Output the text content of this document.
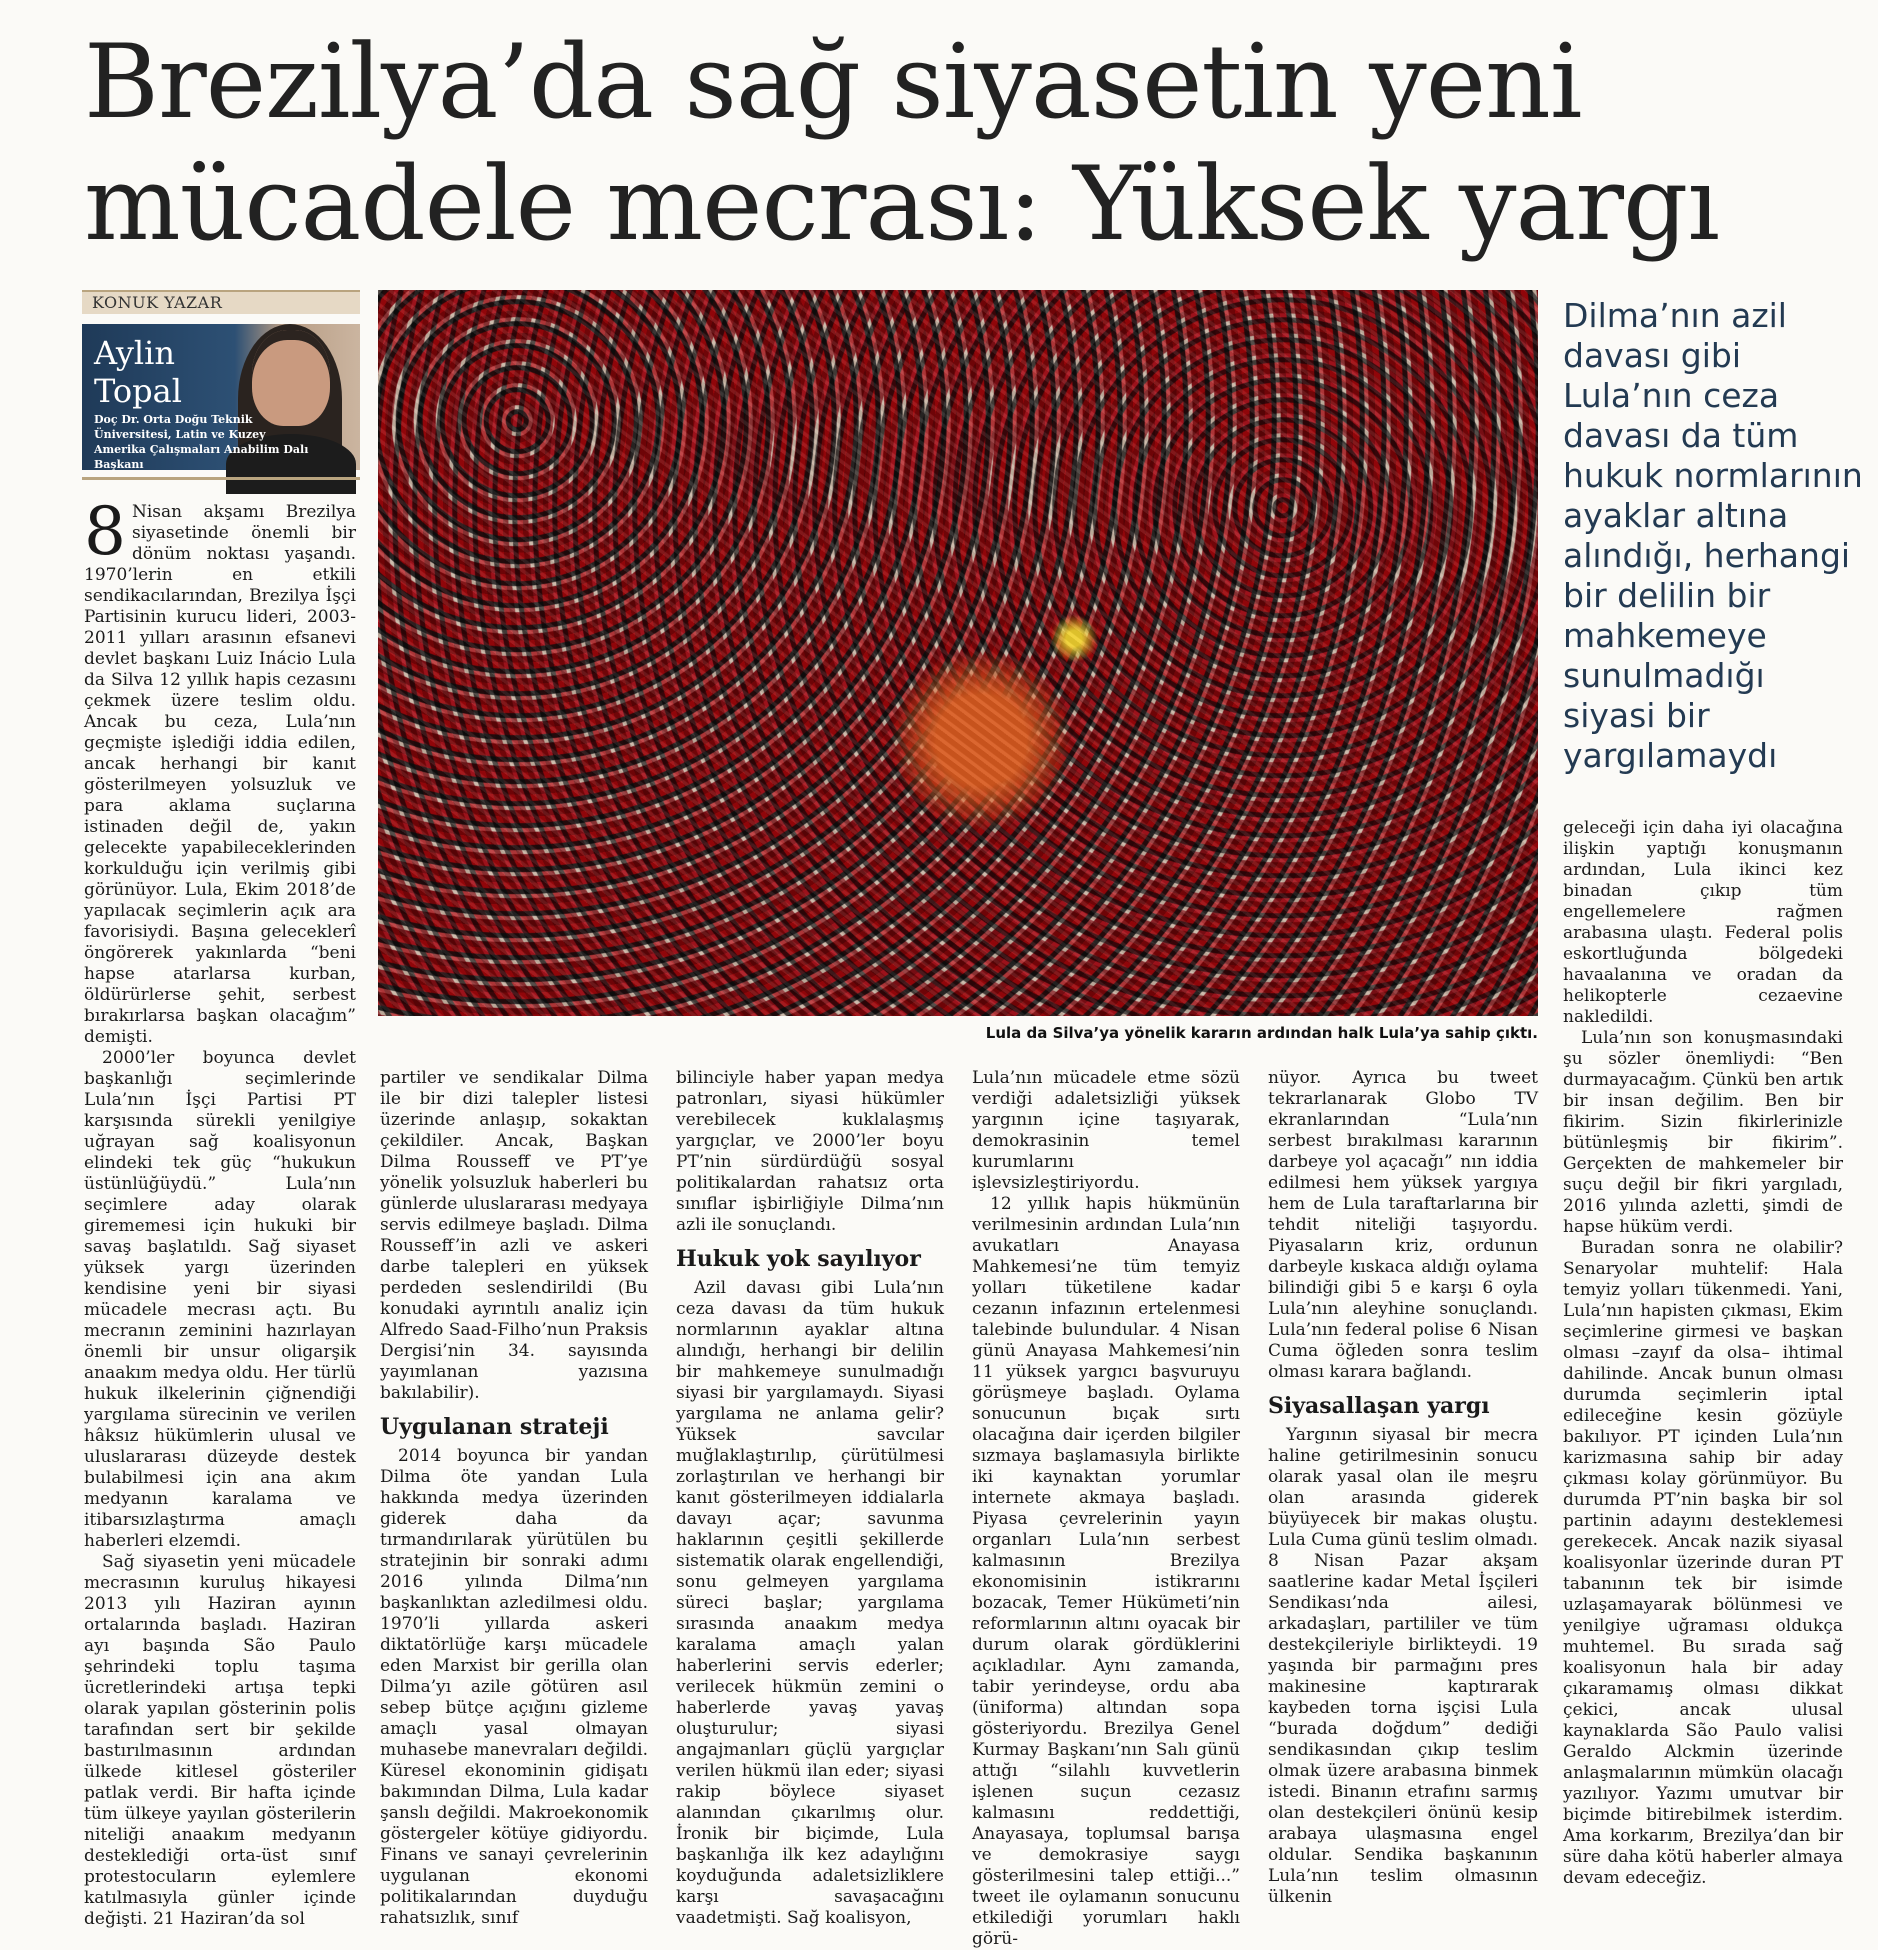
Brezilya’da sağ siyasetin yeni mücadele mecrası: Yüksek yargı
KONUK YAZAR
Aylin Topal
Doç Dr. Orta Doğu Teknik Üniversitesi, Latin ve Kuzey Amerika Çalışmaları Anabilim Dalı Başkanı
Lula da Silva’ya yönelik kararın ardından halk Lula’ya sahip çıktı.
Dilma’nın azil davası gibi Lula’nın ceza davası da tüm hukuk normlarının ayaklar altına alındığı, herhangi bir delilin bir mahkemeye sunulmadığı siyasi bir yargılamaydı

8 Nisan akşamı Brezilya siyasetinde önemli bir dönüm noktası yaşandı. 1970’lerin en etkili sendikacılarından, Brezilya İşçi Partisinin kurucu lideri, 2003-2011 yılları arasının efsanevi devlet başkanı Luiz Inácio Lula da Silva 12 yıllık hapis cezasını çekmek üzere teslim oldu. Ancak bu ceza, Lula’nın geçmişte işlediği iddia edilen, ancak herhangi bir kanıt gösterilmeyen yolsuzluk ve para aklama suçlarına istinaden değil de, yakın gelecekte yapabileceklerinden korkulduğu için verilmiş gibi görünüyor. Lula, Ekim 2018’de yapılacak seçimlerin açık ara favorisiydi. Başına geleceklerî öngörerek yakınlarda “beni hapse atarlarsa kurban, öldürürlerse şehit, serbest bırakırlarsa başkan olacağım” demişti.

2000’ler boyunca devlet başkanlığı seçimlerinde Lula’nın İşçi Partisi PT karşısında sürekli yenilgiye uğrayan sağ koalisyonun elindeki tek güç “hukukun üstünlüğüydü.” Lula’nın seçimlere aday olarak girememesi için hukuki bir savaş başlatıldı. Sağ siyaset yüksek yargı üzerinden kendisine yeni bir siyasi mücadele mecrası açtı. Bu mecranın zeminini hazırlayan önemli bir unsur oligarşik anaakım medya oldu. Her türlü hukuk ilkelerinin çiğnendiği yargılama sürecinin ve verilen hâksız hükümlerin ulusal ve uluslararası düzeyde destek bulabilmesi için ana akım medyanın karalama ve itibarsızlaştırma amaçlı haberleri elzemdi.

Sağ siyasetin yeni mücadele mecrasının kuruluş hikayesi 2013 yılı Haziran ayının ortalarında başladı. Haziran ayı başında São Paulo şehrindeki toplu taşıma ücretlerindeki artışa tepki olarak yapılan gösterinin polis tarafından sert bir şekilde bastırılmasının ardından ülkede kitlesel gösteriler patlak verdi. Bir hafta içinde tüm ülkeye yayılan gösterilerin niteliği anaakım medyanın desteklediği orta-üst sınıf protestocuların eylemlere katılmasıyla günler içinde değişti. 21 Haziran’da sol

partiler ve sendikalar Dilma ile bir dizi talepler listesi üzerinde anlaşıp, sokaktan çekildiler. Ancak, Başkan Dilma Rousseff ve PT’ye yönelik yolsuzluk haberleri bu günlerde uluslararası medyaya servis edilmeye başladı. Dilma Rousseff’in azli ve askeri darbe talepleri en yüksek perdeden seslendirildi (Bu konudaki ayrıntılı analiz için Alfredo Saad-Filho’nun Praksis Dergisi’nin 34. sayısında yayımlanan yazısına bakılabilir).

Uygulanan strateji

2014 boyunca bir yandan Dilma öte yandan Lula hakkında medya üzerinden giderek daha da tırmandırılarak yürütülen bu stratejinin bir sonraki adımı 2016 yılında Dilma’nın başkanlıktan azledilmesi oldu. 1970’li yıllarda askeri diktatörlüğe karşı mücadele eden Marxist bir gerilla olan Dilma’yı azile götüren asıl sebep bütçe açığını gizleme amaçlı yasal olmayan muhasebe manevraları değildi. Küresel ekonominin gidişatı bakımından Dilma, Lula kadar şanslı değildi. Makroekonomik göstergeler kötüye gidiyordu. Finans ve sanayi çevrelerinin uygulanan ekonomi politikalarından duyduğu rahatsızlık, sınıf

bilinciyle haber yapan medya patronları, siyasi hükümler verebilecek kuklalaşmış yargıçlar, ve 2000’ler boyu PT’nin sürdürdüğü sosyal politikalardan rahatsız orta sınıflar işbirliğiyle Dilma’nın azli ile sonuçlandı.

Hukuk yok sayılıyor

Azil davası gibi Lula’nın ceza davası da tüm hukuk normlarının ayaklar altına alındığı, herhangi bir delilin bir mahkemeye sunulmadığı siyasi bir yargılamaydı. Siyasi yargılama ne anlama gelir? Yüksek savcılar muğlaklaştırılıp, çürütülmesi zorlaştırılan ve herhangi bir kanıt gösterilmeyen iddialarla davayı açar; savunma haklarının çeşitli şekillerde sistematik olarak engellendiği, sonu gelmeyen yargılama süreci başlar; yargılama sırasında anaakım medya karalama amaçlı yalan haberlerini servis ederler; verilecek hükmün zemini o haberlerde yavaş yavaş oluşturulur; siyasi angajmanları güçlü yargıçlar verilen hükmü ilan eder; siyasi rakip böylece siyaset alanından çıkarılmış olur. İronik bir biçimde, Lula başkanlığa ilk kez adaylığını koyduğunda adaletsizliklere karşı savaşacağını vaadetmişti. Sağ koalisyon,

Lula’nın mücadele etme sözü verdiği adaletsizliği yüksek yargının içine taşıyarak, demokrasinin temel kurumlarını işlevsizleştiriyordu.

12 yıllık hapis hükmünün verilmesinin ardından Lula’nın avukatları Anayasa Mahkemesi’ne tüm temyiz yolları tüketilene kadar cezanın infazının ertelenmesi talebinde bulundular. 4 Nisan günü Anayasa Mahkemesi’nin 11 yüksek yargıcı başvuruyu görüşmeye başladı. Oylama sonucunun bıçak sırtı olacağına dair içerden bilgiler sızmaya başlamasıyla birlikte iki kaynaktan yorumlar internete akmaya başladı. Piyasa çevrelerinin yayın organları Lula’nın serbest kalmasının Brezilya ekonomisinin istikrarını bozacak, Temer Hükümeti’nin reformlarının altını oyacak bir durum olarak gördüklerini açıkladılar. Aynı zamanda, tabir yerindeyse, ordu aba (üniforma) altından sopa gösteriyordu. Brezilya Genel Kurmay Başkanı’nın Salı günü attığı “silahlı kuvvetlerin işlenen suçun cezasız kalmasını reddettiği, Anayasaya, toplumsal barışa ve demokrasiye saygı gösterilmesini talep ettiği...” tweet ile oylamanın sonucunu etkilediği yorumları haklı görü-

nüyor. Ayrıca bu tweet tekrarlanarak Globo TV ekranlarından “Lula’nın serbest bırakılması kararının darbeye yol açacağı” nın iddia edilmesi hem yüksek yargıya hem de Lula taraftarlarına bir tehdit niteliği taşıyordu. Piyasaların kriz, ordunun darbeyle kıskaca aldığı oylama bilindiği gibi 5 e karşı 6 oyla Lula’nın aleyhine sonuçlandı. Lula’nın federal polise 6 Nisan Cuma öğleden sonra teslim olması karara bağlandı.

Siyasallaşan yargı

Yargının siyasal bir mecra haline getirilmesinin sonucu olarak yasal olan ile meşru olan arasında giderek büyüyecek bir makas oluştu. Lula Cuma günü teslim olmadı. 8 Nisan Pazar akşam saatlerine kadar Metal İşçileri Sendikası’nda ailesi, arkadaşları, partililer ve tüm destekçileriyle birlikteydi. 19 yaşında bir parmağını pres makinesine kaptırarak kaybeden torna işçisi Lula “burada doğdum” dediği sendikasından çıkıp teslim olmak üzere arabasına binmek istedi. Binanın etrafını sarmış olan destekçileri önünü kesip arabaya ulaşmasına engel oldular. Sendika başkanının Lula’nın teslim olmasının ülkenin

geleceği için daha iyi olacağına ilişkin yaptığı konuşmanın ardından, Lula ikinci kez binadan çıkıp tüm engellemelere rağmen arabasına ulaştı. Federal polis eskortluğunda bölgedeki havaalanına ve oradan da helikopterle cezaevine nakledildi.

Lula’nın son konuşmasındaki şu sözler önemliydi: “Ben durmayacağım. Çünkü ben artık bir insan değilim. Ben bir fikirim. Sizin fikirlerinizle bütünleşmiş bir fikirim”. Gerçekten de mahkemeler bir suçu değil bir fikri yargıladı, 2016 yılında azletti, şimdi de hapse hüküm verdi.

Buradan sonra ne olabilir? Senaryolar muhtelif: Hala temyiz yolları tükenmedi. Yani, Lula’nın hapisten çıkması, Ekim seçimlerine girmesi ve başkan olması –zayıf da olsa– ihtimal dahilinde. Ancak bunun olması durumda seçimlerin iptal edileceğine kesin gözüyle bakılıyor. PT içinden Lula’nın karizmasına sahip bir aday çıkması kolay görünmüyor. Bu durumda PT’nin başka bir sol partinin adayını desteklemesi gerekecek. Ancak nazik siyasal koalisyonlar üzerinde duran PT tabanının tek bir isimde uzlaşamayarak bölünmesi ve yenilgiye uğraması oldukça muhtemel. Bu sırada sağ koalisyonun hala bir aday çıkaramamış olması dikkat çekici, ancak ulusal kaynaklarda São Paulo valisi Geraldo Alckmin üzerinde anlaşmalarının mümkün olacağı yazılıyor. Yazımı umutvar bir biçimde bitirebilmek isterdim. Ama korkarım, Brezilya’dan bir süre daha kötü haberler almaya devam edeceğiz.
